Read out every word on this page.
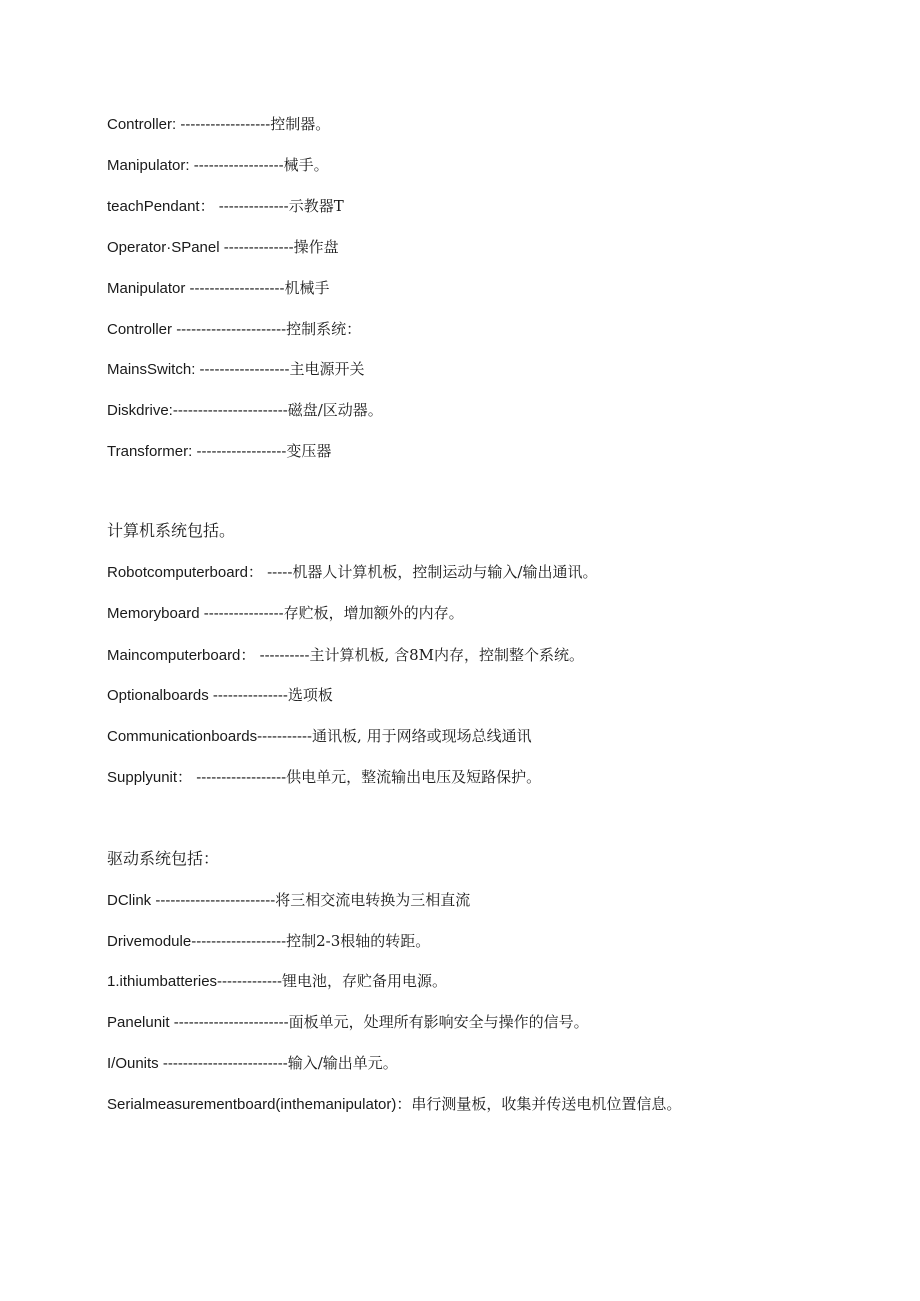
Controller: ------------------控制器。
Manipulator: ------------------械手。
teachPendant： --------------示教器T
Operator·SPanel --------------操作盘
Manipulator -------------------机械手
Controller ----------------------控制系统：
MainsSwitch: ------------------主电源开关
Diskdrive:-----------------------磁盘/区动器。
Transformer: ------------------变压器
计算机系统包括。
Robotcomputerboard： -----机器人计算机板，控制运动与输入/输出通讯。
Memoryboard ----------------存贮板，增加额外的内存。
Maincomputerboard： ----------主计算机板, 含8M内存，控制整个系统。
Optionalboards ---------------选项板
Communicationboards-----------通讯板, 用于网络或现场总线通讯
Supplyunit： ------------------供电单元，整流输出电压及短路保护。
驱动系统包括：
DClink ------------------------将三相交流电转换为三相直流
Drivemodule-------------------控制2-3根轴的转距。
1.ithiumbatteries-------------锂电池，存贮备用电源。
Panelunit -----------------------面板单元，处理所有影响安全与操作的信号。
I/Ounits -------------------------输入/输出单元。
Serialmeasurementboard(inthemanipulator)：串行测量板，收集并传送电机位置信息。
